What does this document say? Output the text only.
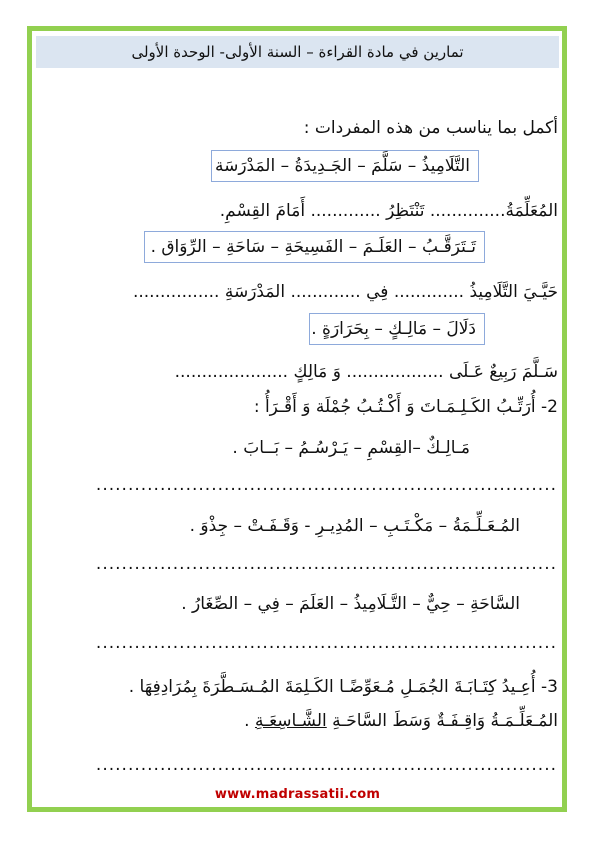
تمارين في مادة القراءة – السنة الأولى- الوحدة الأولى
أكمل بما يناسب من هذه المفردات :
التَّلَامِيذُ – سَلَّمَ – الجَـدِيدَةُ – المَدْرَسَة
المُعَلِّمَةُ.............. تَنْتَظِرُ ............. أَمَامَ القِسْمِ.
تَـتَرَقَّـبُ – العَلَـمَ – الفَسِيحَةِ – سَاحَةِ – الرِّوَاق .
حَيَّـيَ التَّلَامِيذُ ............. فِي ............. المَدْرَسَةِ ................
دَلَالَ – مَالِـكٍ – بِحَرَارَةٍ .
سَـلَّمَ رَبِيعٌ عَـلَى .................. وَ مَالِكٍ .....................
2- أُرَتِّـبُ الكَـلِـمَـاتَ وَ أَكْـتُـبُ جُمْلَة وَ أَقْـرَأُ :
مَـالِـكٌ –القِسْمِ – يَـرْسُـمُ – بَــابَ .
........................................................................
المُـعَـلِّـمَةُ – مَكْـتَـبِ – المُدِيـرِ - وَقَـفَـتْ – جِذْوَ .
........................................................................
السَّاحَةِ – حِيٌّ – التَّـلَامِيذُ – العَلَمَ – فِي – الصِّغَارُ .
........................................................................
3- أُعِـيدُ كِتَـابَـةَ الجُمَـلِ مُـعَوِّضًـا الكَـلِمَةَ المُـسَـطَّرَةَ بِمُرَادِفِهَا .
المُـعَلِّـمَـةُ وَاقِـفَـةٌ وَسَطَ السَّاحَـةِ الشَّـاسِعَـةِ .
........................................................................
www.madrassatii.com
